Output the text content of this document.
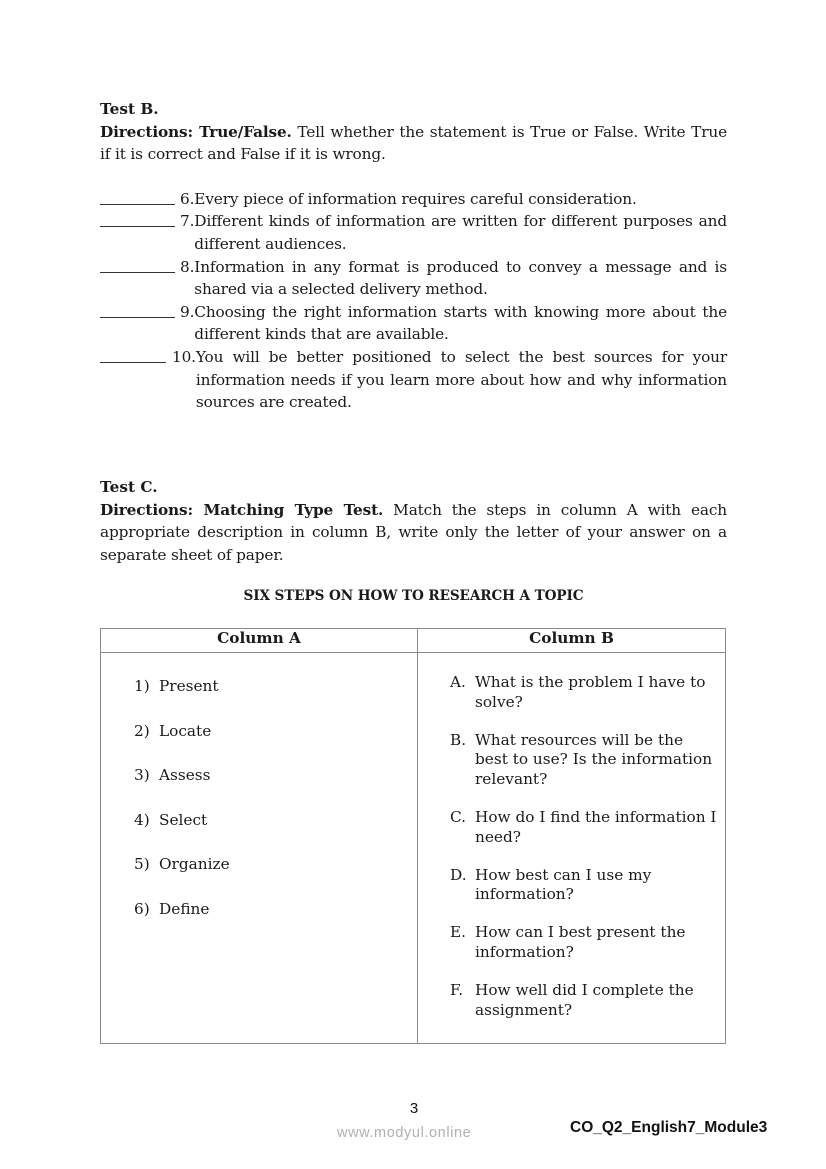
Test B.

Directions: True/False. Tell whether the statement is True or False. Write True if it is correct and False if it is wrong.

6. Every piece of information requires careful consideration.
7. Different kinds of information are written for different purposes and different audiences.
8. Information in any format is produced to convey a message and is shared via a selected delivery method.
9. Choosing the right information starts with knowing more about the different kinds that are available.
10. You will be better positioned to select the best sources for your information needs if you learn more about how and why information sources are created.

Test C.

Directions: Matching Type Test. Match the steps in column A with each appropriate description in column B, write only the letter of your answer on a separate sheet of paper.

SIX STEPS ON HOW TO RESEARCH A TOPIC
Column A	Column B

1) Present
2) Locate
3) Assess
4) Select
5) Organize
6) Define

A. What is the problem I have to solve?
B. What resources will be the best to use? Is the information relevant?
C. How do I find the information I need?
D. How best can I use my information?
E. How can I best present the information?
F. How well did I complete the assignment?
3
www.modyul.online	CO_Q2_English7_Module3
